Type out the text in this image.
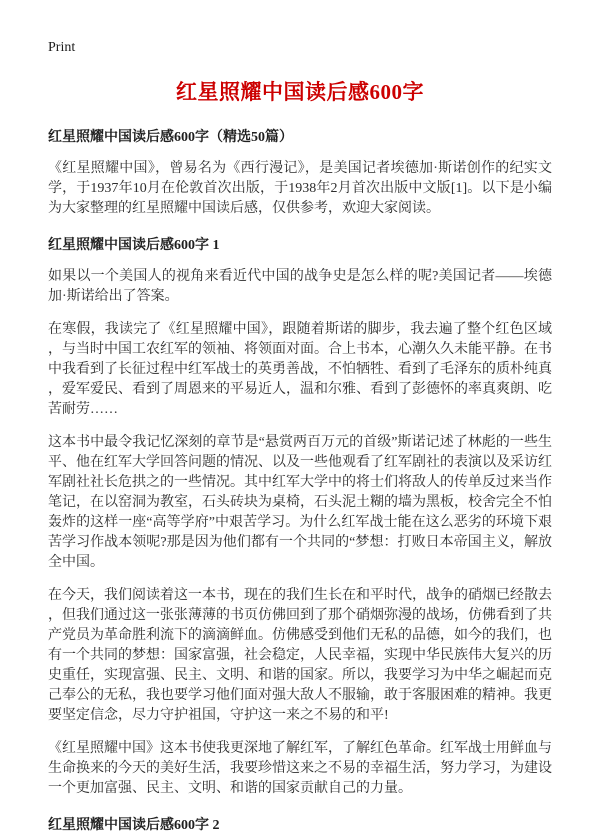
Print
红星照耀中国读后感600字
红星照耀中国读后感600字（精选50篇）

《红星照耀中国》，曾易名为《西行漫记》，是美国记者埃德加·斯诺创作的纪实文学，于1937年10月在伦敦首次出版，于1938年2月首次出版中文版[1]。以下是小编为大家整理的红星照耀中国读后感，仅供参考，欢迎大家阅读。

红星照耀中国读后感600字 1

如果以一个美国人的视角来看近代中国的战争史是怎么样的呢?美国记者——埃德加·斯诺给出了答案。

在寒假，我读完了《红星照耀中国》，跟随着斯诺的脚步，我去遍了整个红色区域，与当时中国工农红军的领袖、将领面对面。合上书本，心潮久久未能平静。在书中我看到了长征过程中红军战士的英勇善战，不怕牺牲、看到了毛泽东的质朴纯真，爱军爱民、看到了周恩来的平易近人，温和尔雅、看到了彭德怀的率真爽朗、吃苦耐劳……

这本书中最令我记忆深刻的章节是“悬赏两百万元的首级”斯诺记述了林彪的一些生平、他在红军大学回答问题的情况、以及一些他观看了红军剧社的表演以及采访红军剧社社长危拱之的一些情况。其中红军大学中的将士们将敌人的传单反过来当作笔记，在以窑洞为教室，石头砖块为桌椅，石头泥土糊的墙为黑板，校舍完全不怕轰炸的这样一座“高等学府”中艰苦学习。为什么红军战士能在这么恶劣的环境下艰苦学习作战本领呢?那是因为他们都有一个共同的“梦想：打败日本帝国主义，解放全中国。

在今天，我们阅读着这一本书，现在的我们生长在和平时代，战争的硝烟已经散去，但我们通过这一张张薄薄的书页仿佛回到了那个硝烟弥漫的战场，仿佛看到了共产党员为革命胜利流下的滴滴鲜血。仿佛感受到他们无私的品德，如今的我们，也有一个共同的梦想：国家富强，社会稳定，人民幸福，实现中华民族伟大复兴的历史重任，实现富强、民主、文明、和谐的国家。所以，我要学习为中华之崛起而克己奉公的无私，我也要学习他们面对强大敌人不服输，敢于客服困难的精神。我更要坚定信念，尽力守护祖国，守护这一来之不易的和平!

《红星照耀中国》这本书使我更深地了解红军，了解红色革命。红军战士用鲜血与生命换来的今天的美好生活，我要珍惜这来之不易的幸福生活，努力学习，为建设一个更加富强、民主、文明、和谐的国家贡献自己的力量。

红星照耀中国读后感600字 2
